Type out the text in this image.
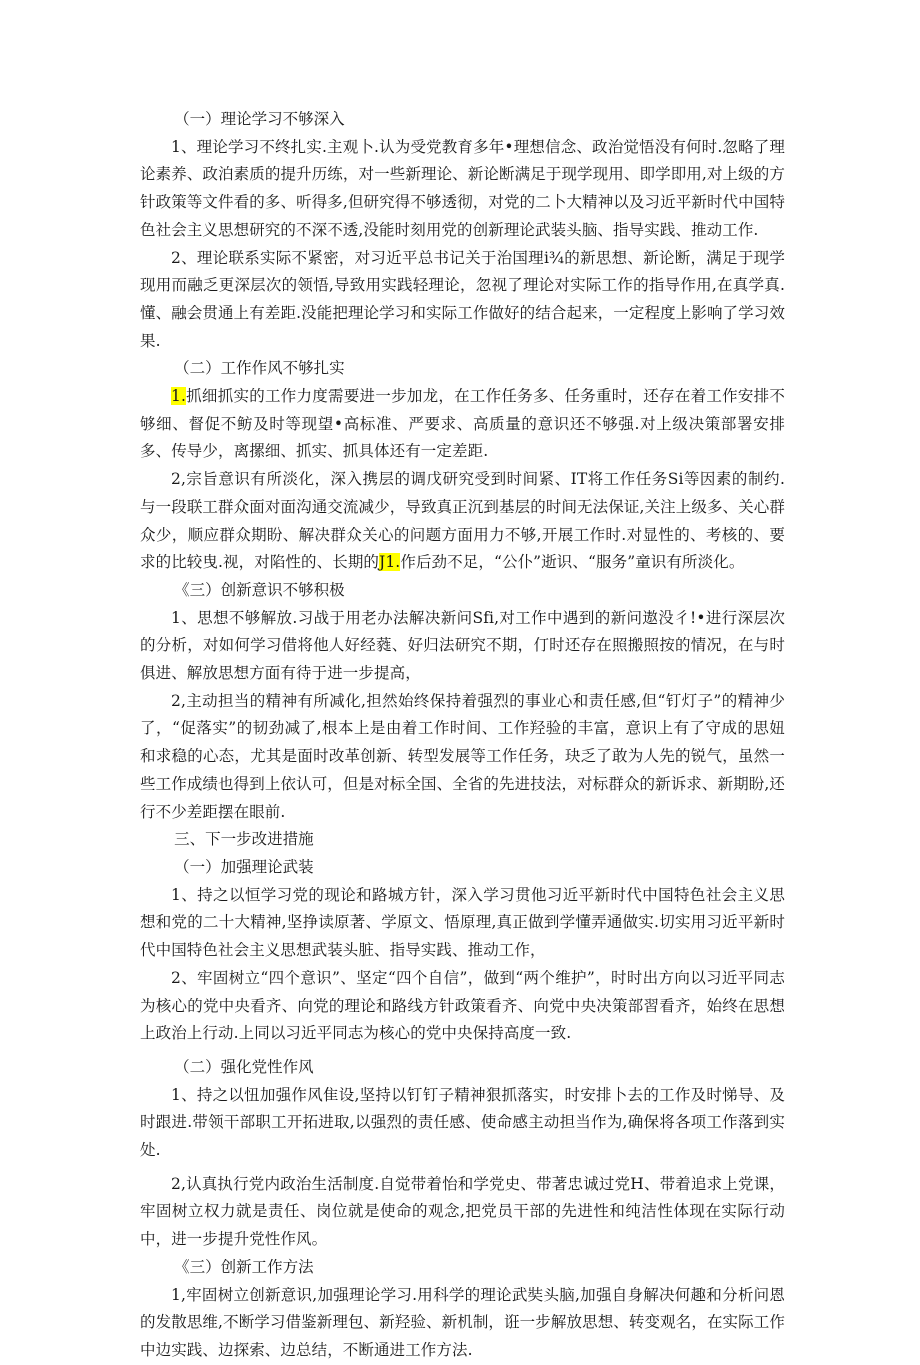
（一）理论学习不够深入

1、理论学习不终扎实.主观卜.认为受党教育多年•理想信念、政治觉悟没有何时.忽略了理论素养、政泊素质的提升历练，对一些新理论、新论断满足于现学现用、即学即用,对上级的方针政策等文件看的多、听得多,但研究得不够透彻，对党的二卜大精神以及习近平新时代中国特色社会主义思想研究的不深不透,没能时刻用党的创新理论武装头脑、指导实践、推动工作.

2、理论联系实际不紧密，对习近平总书记关于治国理i¾的新思想、新论断，满足于现学现用而融乏更深层次的领悟,导致用实践轻理论，忽视了理论对实际工作的指导作用,在真学真.懂、融会贯通上有差距.没能把理论学习和实际工作做好的结合起来，一定程度上影响了学习效果.

（二）工作作风不够扎实

1.抓细抓实的工作力度需要进一步加龙，在工作任务多、任务重时，还存在着工作安排不够细、督促不鲂及时等现望•高标准、严要求、高质量的意识还不够强.对上级决策部署安排多、传导少，离摞细、抓实、抓具体还有一定差距.

2,宗旨意识有所淡化，深入携层的调戊研究受到时间紧、IT将工作任务Si等因素的制约.与一段联工群众面对面沟通交流减少，导致真正沉到基层的时间无法保证,关注上级多、关心群众少，顺应群众期盼、解决群众关心的问题方面用力不够,开展工作时.对显性的、考核的、要求的比较曳.视，对陷性的、长期的J1.作后劲不足，“公仆”逝识、“服务”童识有所淡化。

《三）创新意识不够积极

1、思想不够解放.习战于用老办法解决新问Sfi,对工作中遇到的新问遨没彳!•进行深层次的分析，对如何学习借将他人好经蕤、好归法研究不期，仃时还存在照搬照按的情况，在与时俱进、解放思想方面有待于进一步提高，

2,主动担当的精神有所减化,担然始终保持着强烈的事业心和责任感,但“钉灯子”的精神少了，“促落实”的韧劲减了,根本上是由着工作时间、工作羟验的丰富，意识上有了守成的思妞和求稳的心态，尤其是面时改革创新、转型发展等工作任务，玦乏了敢为人先的锐气，虽然一些工作成绩也得到上依认可，但是对标全国、全省的先进技法，对标群众的新诉求、新期盼,还行不少差距摆在眼前.

三、下一步改进措施

（一）加强理论武装

1、持之以恒学习党的现论和路城方针，深入学习贯他习近平新时代中国特色社会主义思想和党的二十大精神,坚挣读原著、学原文、悟原理,真正做到学懂弄通做实.切实用习近平新时代中国特色社会主义思想武装头脏、指导实践、推动工作，

2、牢固树立“四个意识”、坚定“四个自信”，做到“两个维护”，时时出方向以习近平同志为核心的党中央看齐、向党的理论和路线方针政策看齐、向党中央决策部習看齐，始终在思想上政治上行动.上同以习近平同志为核心的党中央保持高度一致.

（二）强化党性作风

1、持之以忸加强作风隹设,坚持以钉钉子精神狠抓落实，时安排卜去的工作及时悌导、及时跟进.带领干部职工开拓进取,以强烈的责任感、使命感主动担当作为,确保将各项工作落到实处.

2,认真执行党内政治生活制度.自觉带着怡和学党史、带著忠诚过党H、带着追求上党课，牢固树立权力就是责任、岗位就是使命的观念,把党员干部的先进性和纯洁性体现在实际行动中，进一步提升党性作风。

《三）创新工作方法

1,牢固树立创新意识,加强理论学习.用科学的理论武奘头脑,加强自身解决何趣和分析问恩的发散思维,不断学习借鉴新理包、新羟验、新机制，诳一步解放思想、转变观名，在实际工作中边实践、边探索、边总结，不断通进工作方法.
